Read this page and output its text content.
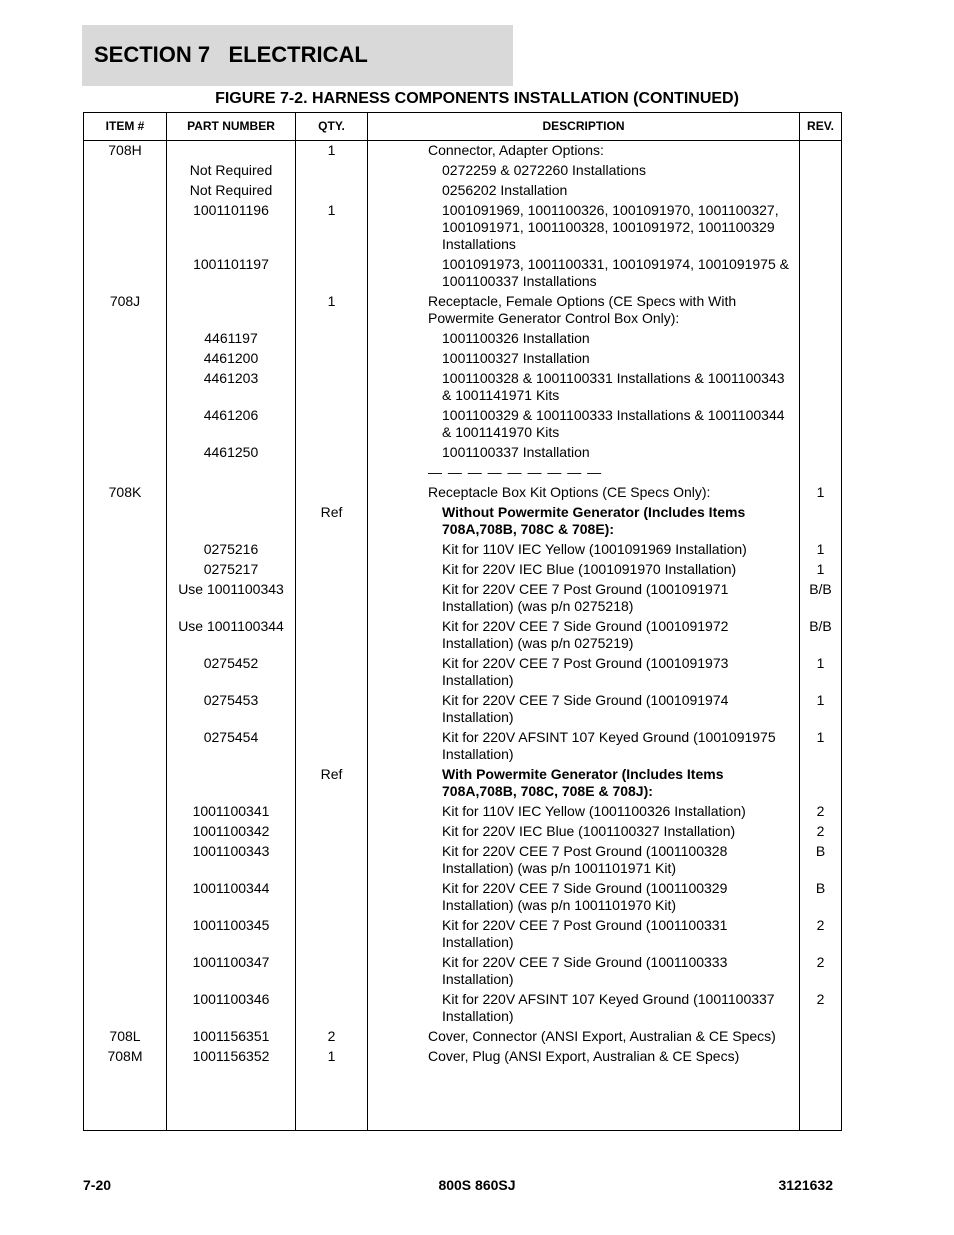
SECTION 7   ELECTRICAL
FIGURE 7-2. HARNESS COMPONENTS INSTALLATION (CONTINUED)
ITEM #	PART NUMBER	QTY.	DESCRIPTION	REV.
708H		1	Connector, Adapter Options:	
	Not Required		0272259 & 0272260 Installations	
	Not Required		0256202 Installation	
	1001101196	1	1001091969, 1001100326, 1001091970, 1001100327, 1001091971, 1001100328, 1001091972, 1001100329 Installations	
	1001101197		1001091973, 1001100331, 1001091974, 1001091975 & 1001100337 Installations	
708J		1	Receptacle, Female Options (CE Specs with With Powermite Generator Control Box Only):	
	4461197		1001100326 Installation	
	4461200		1001100327 Installation	
	4461203		1001100328 & 1001100331 Installations & 1001100343 & 1001141971 Kits	
	4461206		1001100329 & 1001100333 Installations & 1001100344 & 1001141970 Kits	
	4461250		1001100337 Installation	
			— — — — — — — — —	
708K			Receptacle Box Kit Options (CE Specs Only):	1
		Ref	Without Powermite Generator (Includes Items 708A,708B, 708C & 708E):	
	0275216		Kit for 110V IEC Yellow (1001091969 Installation)	1
	0275217		Kit for 220V IEC Blue (1001091970 Installation)	1
	Use 1001100343		Kit for 220V CEE 7 Post Ground (1001091971 Installation) (was p/n 0275218)	B/B
	Use 1001100344		Kit for 220V CEE 7 Side Ground (1001091972 Installation) (was p/n 0275219)	B/B
	0275452		Kit for 220V CEE 7 Post Ground (1001091973 Installation)	1
	0275453		Kit for 220V CEE 7 Side Ground (1001091974 Installation)	1
	0275454		Kit for 220V AFSINT 107 Keyed Ground (1001091975 Installation)	1
		Ref	With Powermite Generator (Includes Items 708A,708B, 708C, 708E & 708J):	
	1001100341		Kit for 110V IEC Yellow (1001100326 Installation)	2
	1001100342		Kit for 220V IEC Blue (1001100327 Installation)	2
	1001100343		Kit for 220V CEE 7 Post Ground (1001100328 Installation) (was p/n 1001101971 Kit)	B
	1001100344		Kit for 220V CEE 7 Side Ground (1001100329 Installation) (was p/n 1001101970 Kit)	B
	1001100345		Kit for 220V CEE 7 Post Ground (1001100331 Installation)	2
	1001100347		Kit for 220V CEE 7 Side Ground (1001100333 Installation)	2
	1001100346		Kit for 220V AFSINT 107 Keyed Ground (1001100337 Installation)	2
708L	1001156351	2	Cover, Connector (ANSI Export, Australian & CE Specs)	
708M	1001156352	1	Cover, Plug (ANSI Export, Australian & CE Specs)	

7-20	800S 860SJ	3121632
